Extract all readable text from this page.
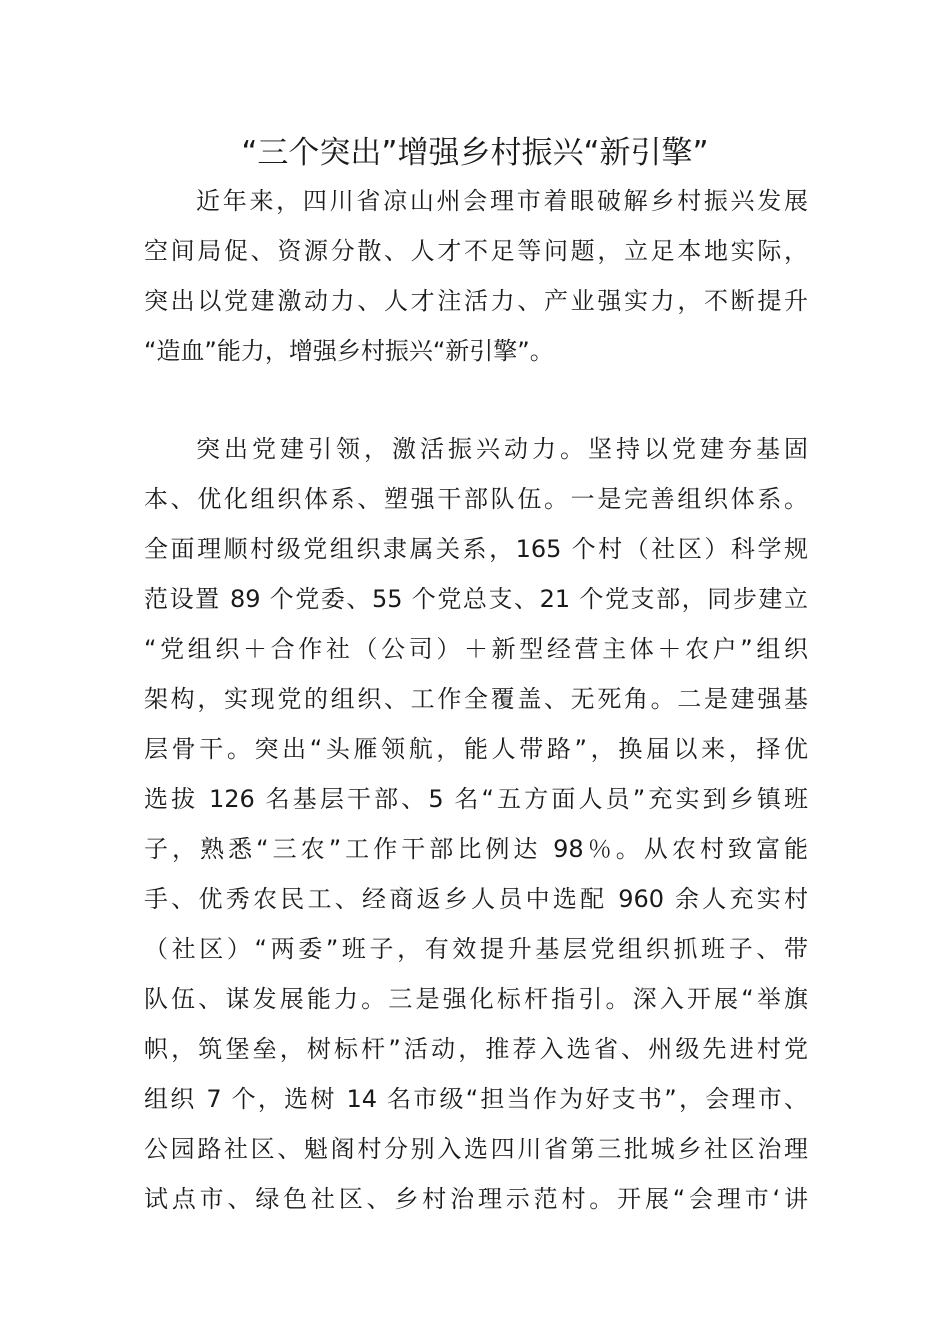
“三个突出”增强乡村振兴“新引擎”
近年来，四川省凉山州会理市着眼破解乡村振兴发展
空间局促、资源分散、人才不足等问题，立足本地实际，
突出以党建激动力、人才注活力、产业强实力，不断提升
“造血”能力，增强乡村振兴“新引擎”。
突出党建引领，激活振兴动力。坚持以党建夯基固
本、优化组织体系、塑强干部队伍。一是完善组织体系。
全面理顺村级党组织隶属关系，165 个村（社区）科学规
范设置 89 个党委、55 个党总支、21 个党支部，同步建立
“党组织＋合作社（公司）＋新型经营主体＋农户”组织
架构，实现党的组织、工作全覆盖、无死角。二是建强基
层骨干。突出“头雁领航，能人带路”，换届以来，择优
选拔 126 名基层干部、5 名“五方面人员”充实到乡镇班
子，熟悉“三农”工作干部比例达 98％。从农村致富能
手、优秀农民工、经商返乡人员中选配 960 余人充实村
（社区）“两委”班子，有效提升基层党组织抓班子、带
队伍、谋发展能力。三是强化标杆指引。深入开展“举旗
帜，筑堡垒，树标杆”活动，推荐入选省、州级先进村党
组织 7 个，选树 14 名市级“担当作为好支书”，会理市、
公园路社区、魁阁村分别入选四川省第三批城乡社区治理
试点市、绿色社区、乡村治理示范村。开展“会理市‘讲
